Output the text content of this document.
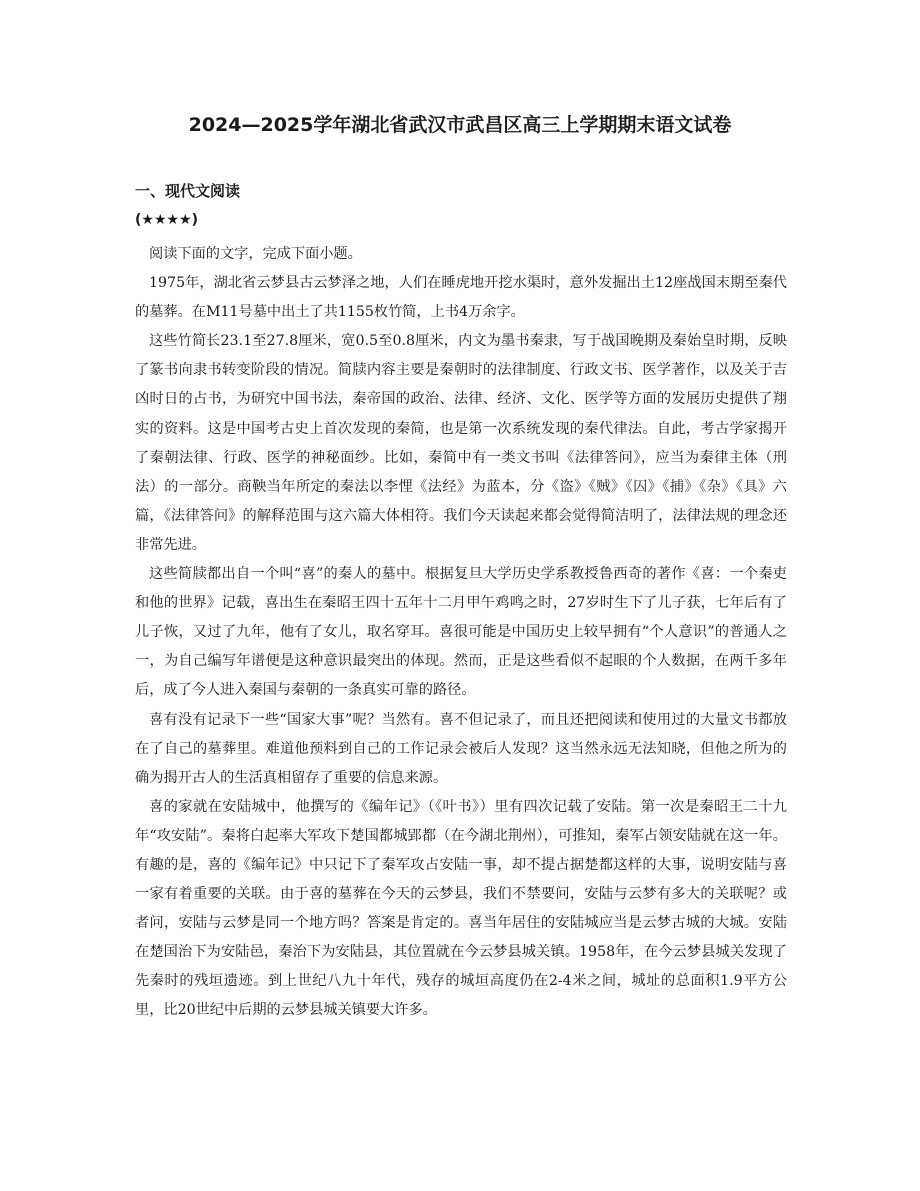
2024—2025学年湖北省武汉市武昌区高三上学期期末语文试卷
一、现代文阅读
(★★★★)

阅读下面的文字，完成下面小题。

1975年，湖北省云梦县古云梦泽之地，人们在睡虎地开挖水渠时，意外发掘出土12座战国末期至秦代的墓葬。在M11号墓中出土了共1155枚竹简，上书4万余字。

这些竹简长23.1至27.8厘米，宽0.5至0.8厘米，内文为墨书秦隶，写于战国晚期及秦始皇时期，反映了篆书向隶书转变阶段的情况。简牍内容主要是秦朝时的法律制度、行政文书、医学著作，以及关于吉凶时日的占书，为研究中国书法，秦帝国的政治、法律、经济、文化、医学等方面的发展历史提供了翔实的资料。这是中国考古史上首次发现的秦简，也是第一次系统发现的秦代律法。自此，考古学家揭开了秦朝法律、行政、医学的神秘面纱。比如，秦简中有一类文书叫《法律答问》，应当为秦律主体（刑法）的一部分。商鞅当年所定的秦法以李悝《法经》为蓝本，分《盗》《贼》《囚》《捕》《杂》《具》六篇，《法律答问》的解释范围与这六篇大体相符。我们今天读起来都会觉得简洁明了，法律法规的理念还非常先进。

这些简牍都出自一个叫“喜”的秦人的墓中。根据复旦大学历史学系教授鲁西奇的著作《喜：一个秦吏和他的世界》记载，喜出生在秦昭王四十五年十二月甲午鸡鸣之时，27岁时生下了儿子获，七年后有了儿子恢，又过了九年，他有了女儿，取名穿耳。喜很可能是中国历史上较早拥有“个人意识”的普通人之一，为自己编写年谱便是这种意识最突出的体现。然而，正是这些看似不起眼的个人数据，在两千多年后，成了今人进入秦国与秦朝的一条真实可靠的路径。

喜有没有记录下一些“国家大事”呢？当然有。喜不但记录了，而且还把阅读和使用过的大量文书都放在了自己的墓葬里。难道他预料到自己的工作记录会被后人发现？这当然永远无法知晓，但他之所为的确为揭开古人的生活真相留存了重要的信息来源。

喜的家就在安陆城中，他撰写的《编年记》（《叶书》）里有四次记载了安陆。第一次是秦昭王二十九年“攻安陆”。秦将白起率大军攻下楚国都城郢都（在今湖北荆州），可推知，秦军占领安陆就在这一年。有趣的是，喜的《编年记》中只记下了秦军攻占安陆一事，却不提占据楚都这样的大事，说明安陆与喜一家有着重要的关联。由于喜的墓葬在今天的云梦县，我们不禁要问，安陆与云梦有多大的关联呢？或者问，安陆与云梦是同一个地方吗？答案是肯定的。喜当年居住的安陆城应当是云梦古城的大城。安陆在楚国治下为安陆邑，秦治下为安陆县，其位置就在今云梦县城关镇。1958年，在今云梦县城关发现了先秦时的残垣遗迹。到上世纪八九十年代，残存的城垣高度仍在2-4米之间，城址的总面积1.9平方公里，比20世纪中后期的云梦县城关镇要大许多。
